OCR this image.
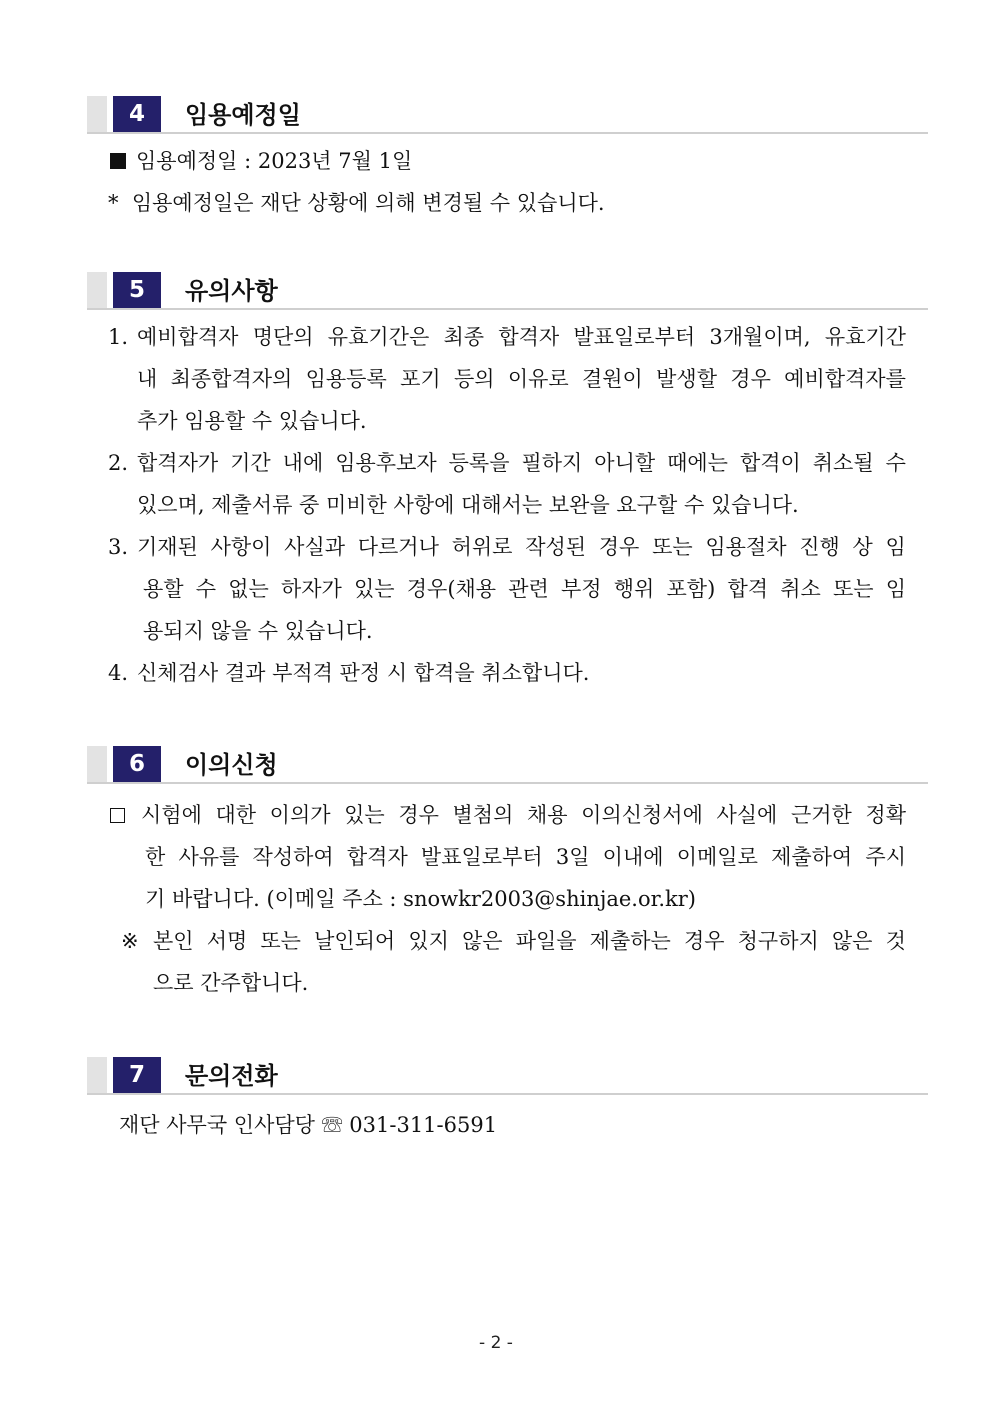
4	임용예정일
임용예정일 : 2023년 7월 1일
* 임용예정일은 재단 상황에 의해 변경될 수 있습니다.
5	유의사항
1. 예비합격자 명단의 유효기간은 최종 합격자 발표일로부터 3개월이며, 유효기간
내 최종합격자의 임용등록 포기 등의 이유로 결원이 발생할 경우 예비합격자를
추가 임용할 수 있습니다.
2. 합격자가 기간 내에 임용후보자 등록을 필하지 아니할 때에는 합격이 취소될 수
있으며, 제출서류 중 미비한 사항에 대해서는 보완을 요구할 수 있습니다.
3. 기재된 사항이 사실과 다르거나 허위로 작성된 경우 또는 임용절차 진행 상 임
용할 수 없는 하자가 있는 경우(채용 관련 부정 행위 포함) 합격 취소 또는 임
용되지 않을 수 있습니다.
4. 신체검사 결과 부적격 판정 시 합격을 취소합니다.
6	이의신청
시험에 대한 이의가 있는 경우 별첨의 채용 이의신청서에 사실에 근거한 정확
한 사유를 작성하여 합격자 발표일로부터 3일 이내에 이메일로 제출하여 주시
기 바랍니다. (이메일 주소 : snowkr2003@shinjae.or.kr)
※ 본인 서명 또는 날인되어 있지 않은 파일을 제출하는 경우 청구하지 않은 것
으로 간주합니다.
7	문의전화
재단 사무국 인사담당 ☏ 031-311-6591
- 2 -
